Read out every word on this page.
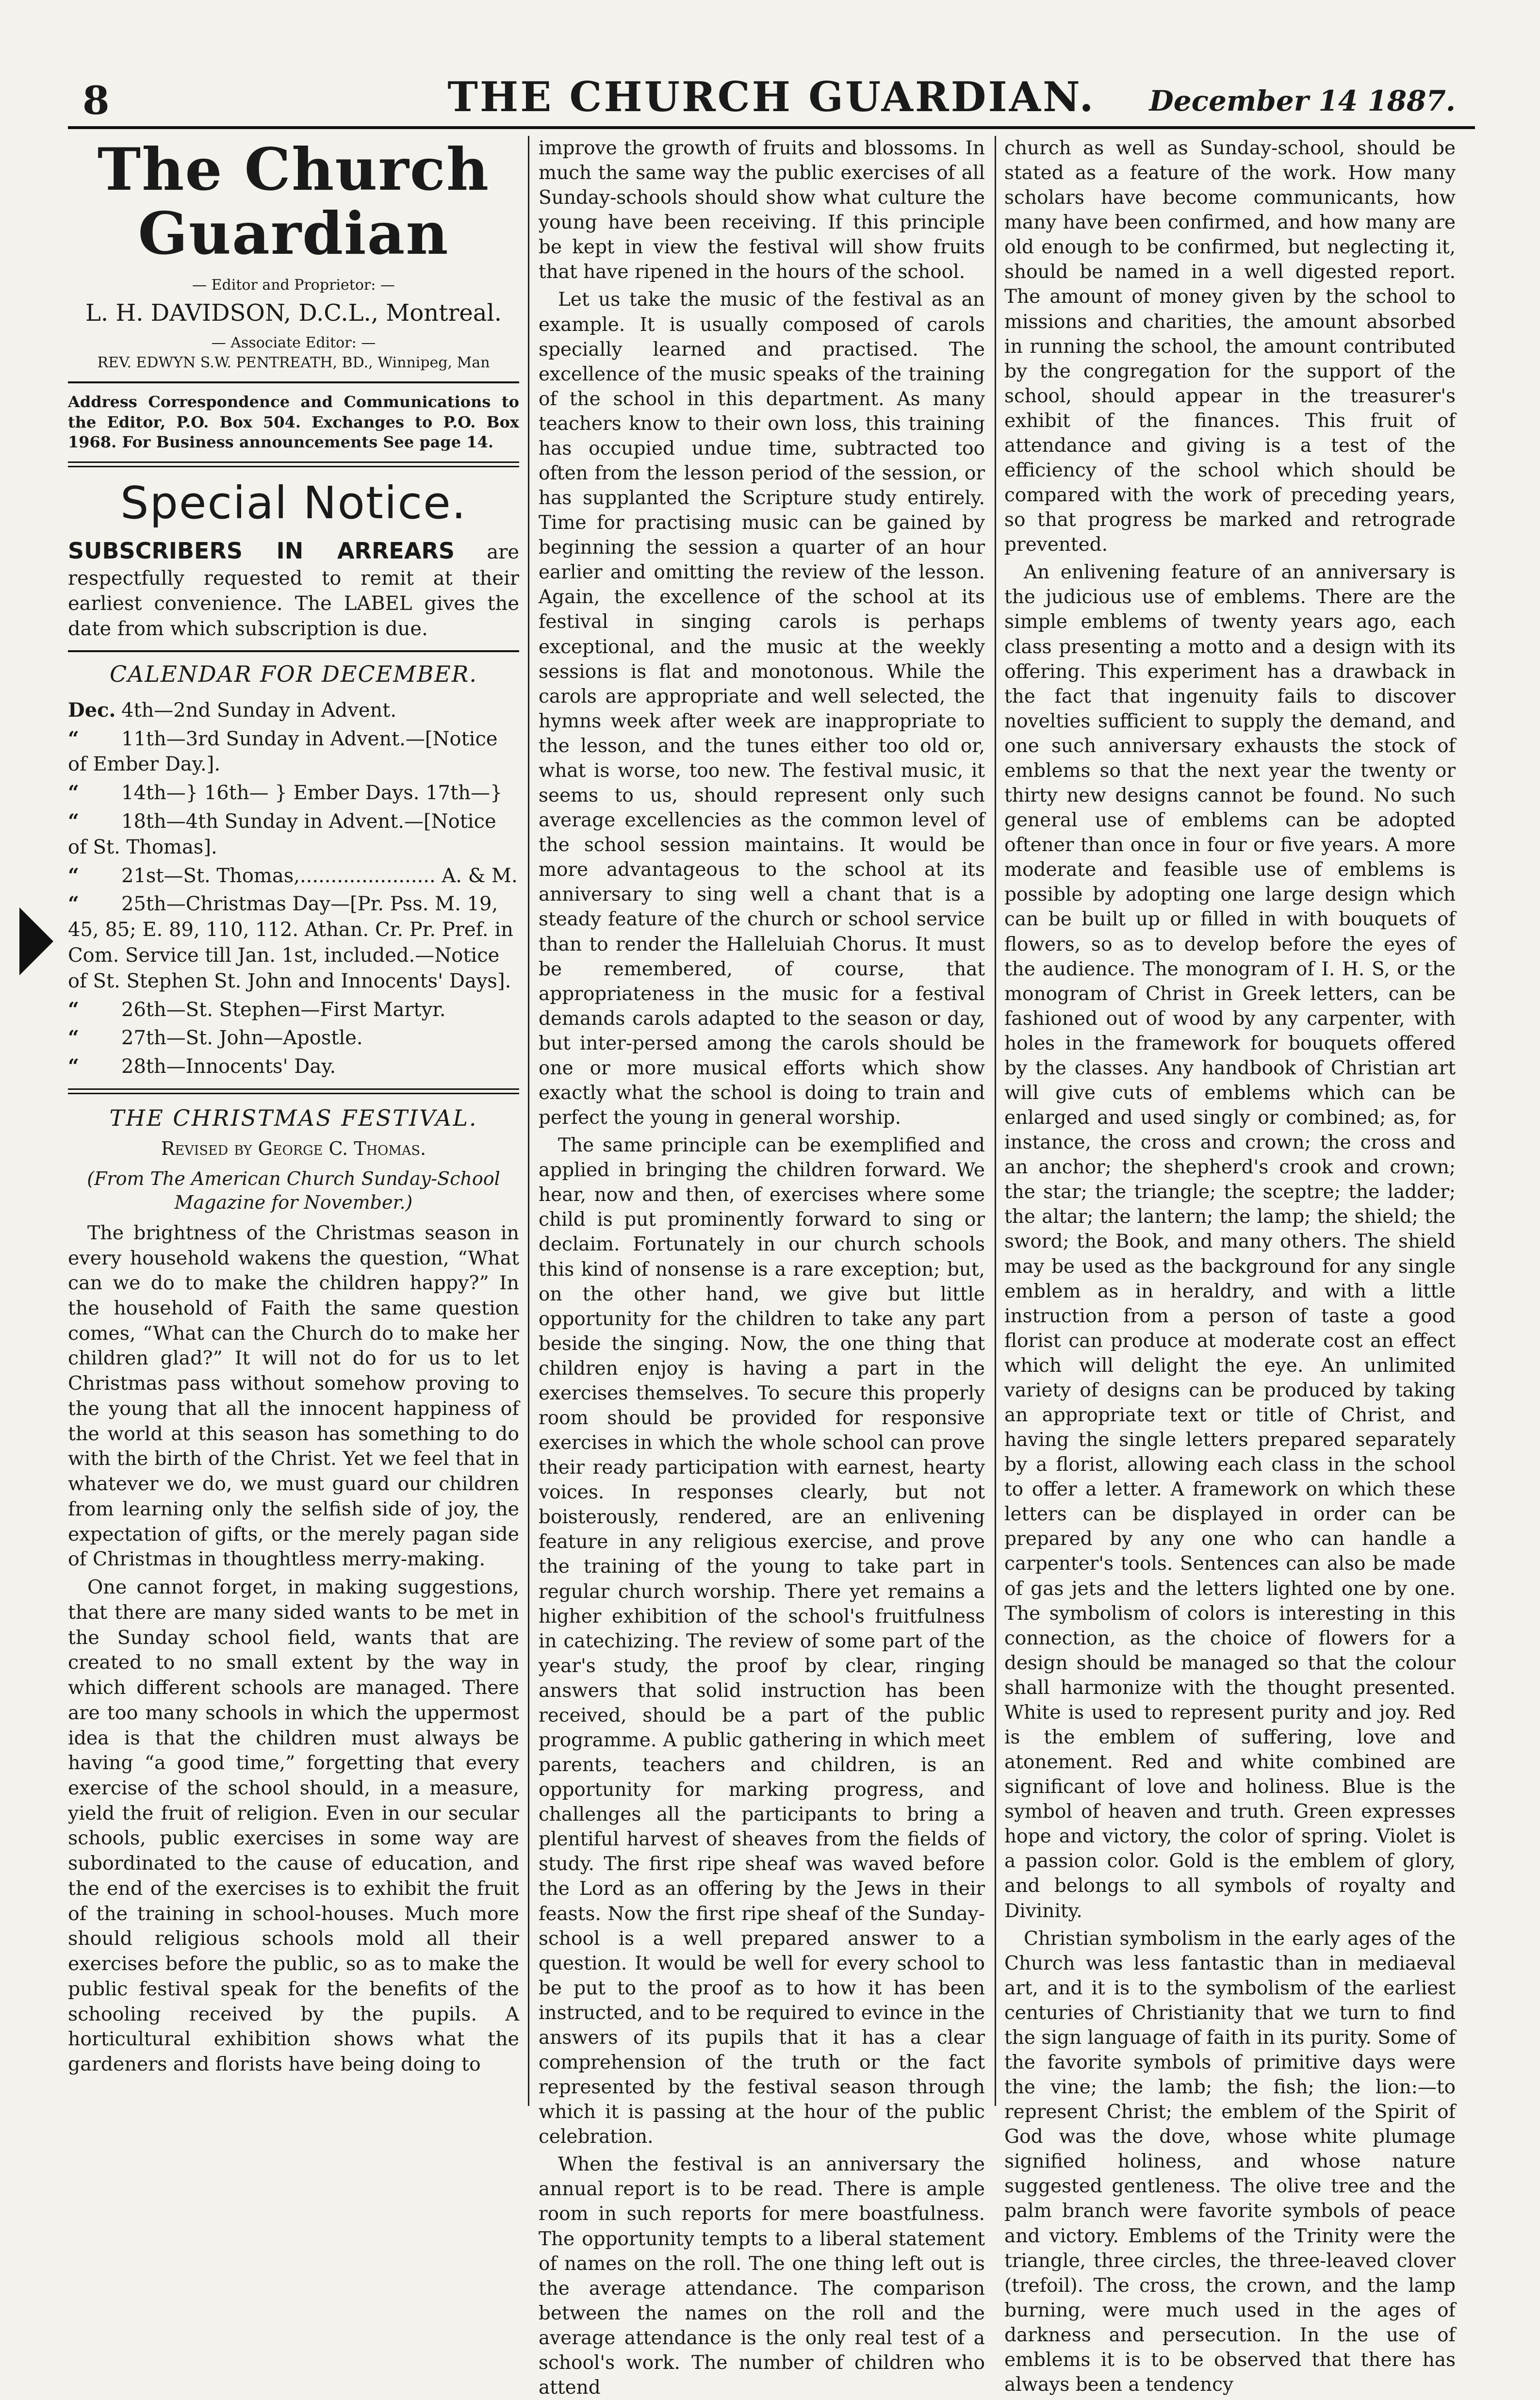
8	THE CHURCH GUARDIAN.	December 14 1887.
The Church Guardian
— Editor and Proprietor: —
L. H. DAVIDSON, D.C.L., Montreal.
— Associate Editor: —
REV. EDWYN S.W. PENTREATH, BD., Winnipeg, Man
Address Correspondence and Communications to the Editor, P.O. Box 504. Exchanges to P.O. Box 1968. For Business announcements See page 14.
Special Notice.
SUBSCRIBERS IN ARREARS are respectfully requested to remit at their earliest convenience. The LABEL gives the date from which subscription is due.
CALENDAR FOR DECEMBER.
Dec. 4th—2nd Sunday in Advent.
“ 11th—3rd Sunday in Advent.—[Notice of Ember Day.].
“ 14th—} 16th— } Ember Days. 17th—}
“ 18th—4th Sunday in Advent.—[Notice of St. Thomas].
“ 21st—St. Thomas,...................... A. & M.
“ 25th—Christmas Day—[Pr. Pss. M. 19, 45, 85; E. 89, 110, 112. Athan. Cr. Pr. Pref. in Com. Service till Jan. 1st, included.—Notice of St. Stephen St. John and Innocents' Days].
“ 26th—St. Stephen—First Martyr.
“ 27th—St. John—Apostle.
“ 28th—Innocents' Day.
THE CHRISTMAS FESTIVAL.
Revised by George C. Thomas.
(From The American Church Sunday-School Magazine for November.)

The brightness of the Christmas season in every household wakens the question, “What can we do to make the children happy?” In the household of Faith the same question comes, “What can the Church do to make her children glad?” It will not do for us to let Christmas pass without somehow proving to the young that all the innocent happiness of the world at this season has something to do with the birth of the Christ. Yet we feel that in whatever we do, we must guard our children from learning only the selfish side of joy, the expectation of gifts, or the merely pagan side of Christmas in thoughtless merry-making.

One cannot forget, in making suggestions, that there are many sided wants to be met in the Sunday school field, wants that are created to no small extent by the way in which different schools are managed. There are too many schools in which the uppermost idea is that the children must always be having “a good time,” forgetting that every exercise of the school should, in a measure, yield the fruit of religion. Even in our secular schools, public exercises in some way are subordinated to the cause of education, and the end of the exercises is to exhibit the fruit of the training in school-houses. Much more should religious schools mold all their exercises before the public, so as to make the public festival speak for the benefits of the schooling received by the pupils. A horticultural exhibition shows what the gardeners and florists have being doing to

improve the growth of fruits and blossoms. In much the same way the public exercises of all Sunday-schools should show what culture the young have been receiving. If this principle be kept in view the festival will show fruits that have ripened in the hours of the school.

Let us take the music of the festival as an example. It is usually composed of carols specially learned and practised. The excellence of the music speaks of the training of the school in this department. As many teachers know to their own loss, this training has occupied undue time, subtracted too often from the lesson period of the session, or has supplanted the Scripture study entirely. Time for practising music can be gained by beginning the session a quarter of an hour earlier and omitting the review of the lesson. Again, the excellence of the school at its festival in singing carols is perhaps exceptional, and the music at the weekly sessions is flat and monotonous. While the carols are appropriate and well selected, the hymns week after week are inappropriate to the lesson, and the tunes either too old or, what is worse, too new. The festival music, it seems to us, should represent only such average excellencies as the common level of the school session maintains. It would be more advantageous to the school at its anniversary to sing well a chant that is a steady feature of the church or school service than to render the Halleluiah Chorus. It must be remembered, of course, that appropriateness in the music for a festival demands carols adapted to the season or day, but inter-persed among the carols should be one or more musical efforts which show exactly what the school is doing to train and perfect the young in general worship.

The same principle can be exemplified and applied in bringing the children forward. We hear, now and then, of exercises where some child is put prominently forward to sing or declaim. Fortunately in our church schools this kind of nonsense is a rare exception; but, on the other hand, we give but little opportunity for the children to take any part beside the singing. Now, the one thing that children enjoy is having a part in the exercises themselves. To secure this properly room should be provided for responsive exercises in which the whole school can prove their ready participation with earnest, hearty voices. In responses clearly, but not boisterously, rendered, are an enlivening feature in any religious exercise, and prove the training of the young to take part in regular church worship. There yet remains a higher exhibition of the school's fruitfulness in catechizing. The review of some part of the year's study, the proof by clear, ringing answers that solid instruction has been received, should be a part of the public programme. A public gathering in which meet parents, teachers and children, is an opportunity for marking progress, and challenges all the participants to bring a plentiful harvest of sheaves from the fields of study. The first ripe sheaf was waved before the Lord as an offering by the Jews in their feasts. Now the first ripe sheaf of the Sunday-school is a well prepared answer to a question. It would be well for every school to be put to the proof as to how it has been instructed, and to be required to evince in the answers of its pupils that it has a clear comprehension of the truth or the fact represented by the festival season through which it is passing at the hour of the public celebration.

When the festival is an anniversary the annual report is to be read. There is ample room in such reports for mere boastfulness. The opportunity tempts to a liberal statement of names on the roll. The one thing left out is the average attendance. The comparison between the names on the roll and the average attendance is the only real test of a school's work. The number of children who attend

church as well as Sunday-school, should be stated as a feature of the work. How many scholars have become communicants, how many have been confirmed, and how many are old enough to be confirmed, but neglecting it, should be named in a well digested report. The amount of money given by the school to missions and charities, the amount absorbed in running the school, the amount contributed by the congregation for the support of the school, should appear in the treasurer's exhibit of the finances. This fruit of attendance and giving is a test of the efficiency of the school which should be compared with the work of preceding years, so that progress be marked and retrograde prevented.

An enlivening feature of an anniversary is the judicious use of emblems. There are the simple emblems of twenty years ago, each class presenting a motto and a design with its offering. This experiment has a drawback in the fact that ingenuity fails to discover novelties sufficient to supply the demand, and one such anniversary exhausts the stock of emblems so that the next year the twenty or thirty new designs cannot be found. No such general use of emblems can be adopted oftener than once in four or five years. A more moderate and feasible use of emblems is possible by adopting one large design which can be built up or filled in with bouquets of flowers, so as to develop before the eyes of the audience. The monogram of I. H. S, or the monogram of Christ in Greek letters, can be fashioned out of wood by any carpenter, with holes in the framework for bouquets offered by the classes. Any handbook of Christian art will give cuts of emblems which can be enlarged and used singly or combined; as, for instance, the cross and crown; the cross and an anchor; the shepherd's crook and crown; the star; the triangle; the sceptre; the ladder; the altar; the lantern; the lamp; the shield; the sword; the Book, and many others. The shield may be used as the background for any single emblem as in heraldry, and with a little instruction from a person of taste a good florist can produce at moderate cost an effect which will delight the eye. An unlimited variety of designs can be produced by taking an appropriate text or title of Christ, and having the single letters prepared separately by a florist, allowing each class in the school to offer a letter. A framework on which these letters can be displayed in order can be prepared by any one who can handle a carpenter's tools. Sentences can also be made of gas jets and the letters lighted one by one. The symbolism of colors is interesting in this connection, as the choice of flowers for a design should be managed so that the colour shall harmonize with the thought presented. White is used to represent purity and joy. Red is the emblem of suffering, love and atonement. Red and white combined are significant of love and holiness. Blue is the symbol of heaven and truth. Green expresses hope and victory, the color of spring. Violet is a passion color. Gold is the emblem of glory, and belongs to all symbols of royalty and Divinity.

Christian symbolism in the early ages of the Church was less fantastic than in mediaeval art, and it is to the symbolism of the earliest centuries of Christianity that we turn to find the sign language of faith in its purity. Some of the favorite symbols of primitive days were the vine; the lamb; the fish; the lion:—to represent Christ; the emblem of the Spirit of God was the dove, whose white plumage signified holiness, and whose nature suggested gentleness. The olive tree and the palm branch were favorite symbols of peace and victory. Emblems of the Trinity were the triangle, three circles, the three-leaved clover (trefoil). The cross, the crown, and the lamp burning, were much used in the ages of darkness and persecution. In the use of emblems it is to be observed that there has always been a tendency
